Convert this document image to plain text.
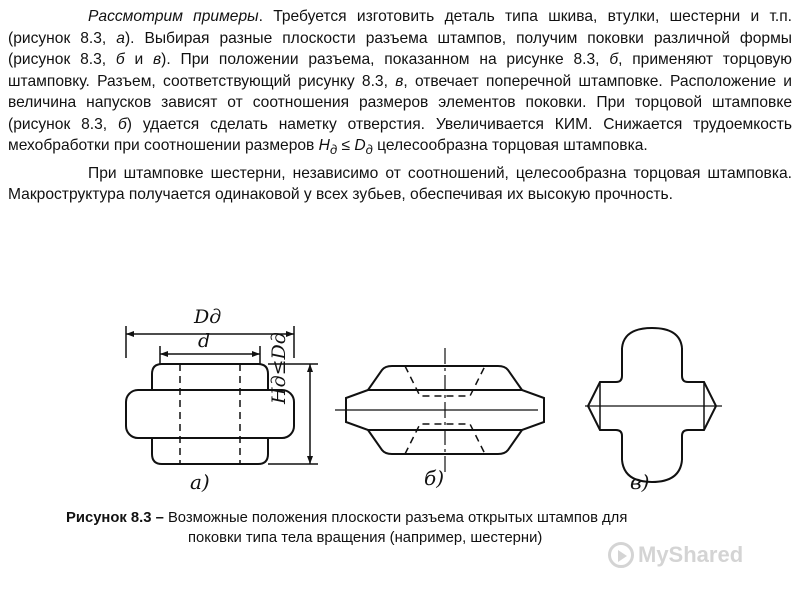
Рассмотрим примеры. Требуется изготовить деталь типа шкива, втулки, шестерни и т.п. (рисунок 8.3, а). Выбирая разные плоскости разъема штампов, получим поковки различной формы (рисунок 8.3, б и в). При положении разъема, показанном на рисунке 8.3, б, применяют торцовую штамповку. Разъем, соответствующий рисунку 8.3, в, отвечает поперечной штамповке. Расположение и величина напусков зависят от соотношения размеров элементов поковки. При торцовой штамповке (рисунок 8.3, б) удается сделать наметку отверстия. Увеличивается КИМ. Снижается трудоемкость мехобработки при соотношении размеров $H_д \le D_д$ целесообразна торцовая штамповка.

При штамповке шестерни, независимо от соотношений, целесообразна торцовая штамповка. Макроструктура получается одинаковой у всех зубьев, обеспечивая их высокую прочность.

Dд
d	Hд≤Dд
а)	б)	в)
Рисунок 8.3 – Возможные положения плоскости разъема открытых штампов для
поковки типа тела вращения (например, шестерни)
MyShared
